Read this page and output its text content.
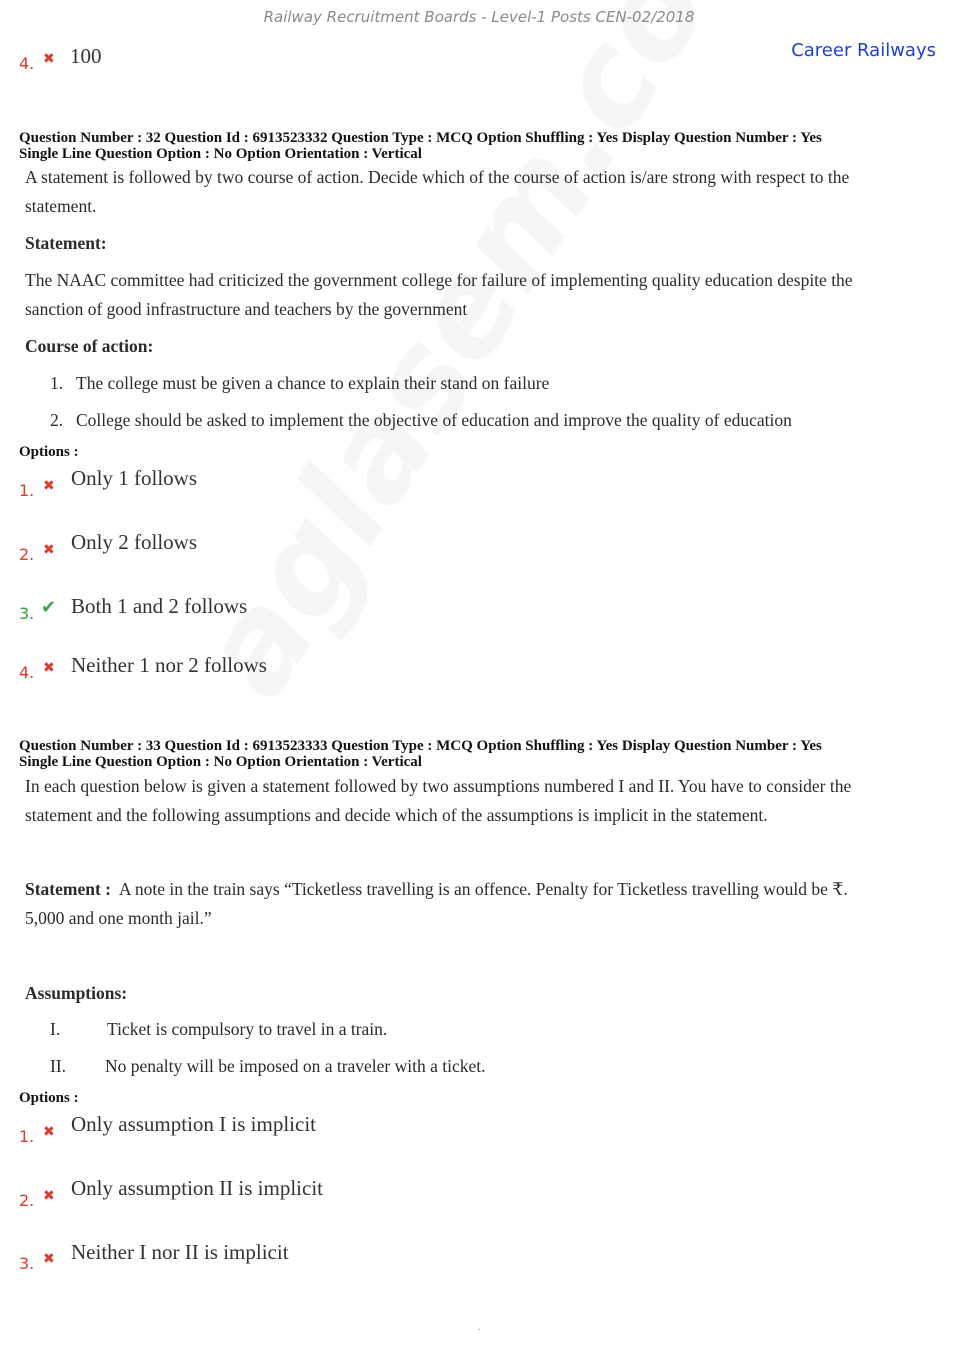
Railway Recruitment Boards - Level-1 Posts CEN-02/2018
Career Railways
4. ✖ 100
Question Number : 32 Question Id : 6913523332 Question Type : MCQ Option Shuffling : Yes Display Question Number : Yes
Single Line Question Option : No Option Orientation : Vertical
A statement is followed by two course of action. Decide which of the course of action is/are strong with respect to the
statement.
Statement:
The NAAC committee had criticized the government college for failure of implementing quality education despite the
sanction of good infrastructure and teachers by the government
Course of action:
1. The college must be given a chance to explain their stand on failure
2. College should be asked to implement the objective of education and improve the quality of education
Options :
1. ✖ Only 1 follows
2. ✖ Only 2 follows
3. ✔ Both 1 and 2 follows
4. ✖ Neither 1 nor 2 follows
Question Number : 33 Question Id : 6913523333 Question Type : MCQ Option Shuffling : Yes Display Question Number : Yes
Single Line Question Option : No Option Orientation : Vertical
In each question below is given a statement followed by two assumptions numbered I and II. You have to consider the
statement and the following assumptions and decide which of the assumptions is implicit in the statement.
Statement : A note in the train says “Ticketless travelling is an offence. Penalty for Ticketless travelling would be ₹.
5,000 and one month jail.”
Assumptions:
I.	Ticket is compulsory to travel in a train.
II. No penalty will be imposed on a traveler with a ticket.
Options :
1. ✖ Only assumption I is implicit
2. ✖ Only assumption II is implicit
3. ✖ Neither I nor II is implicit
.
